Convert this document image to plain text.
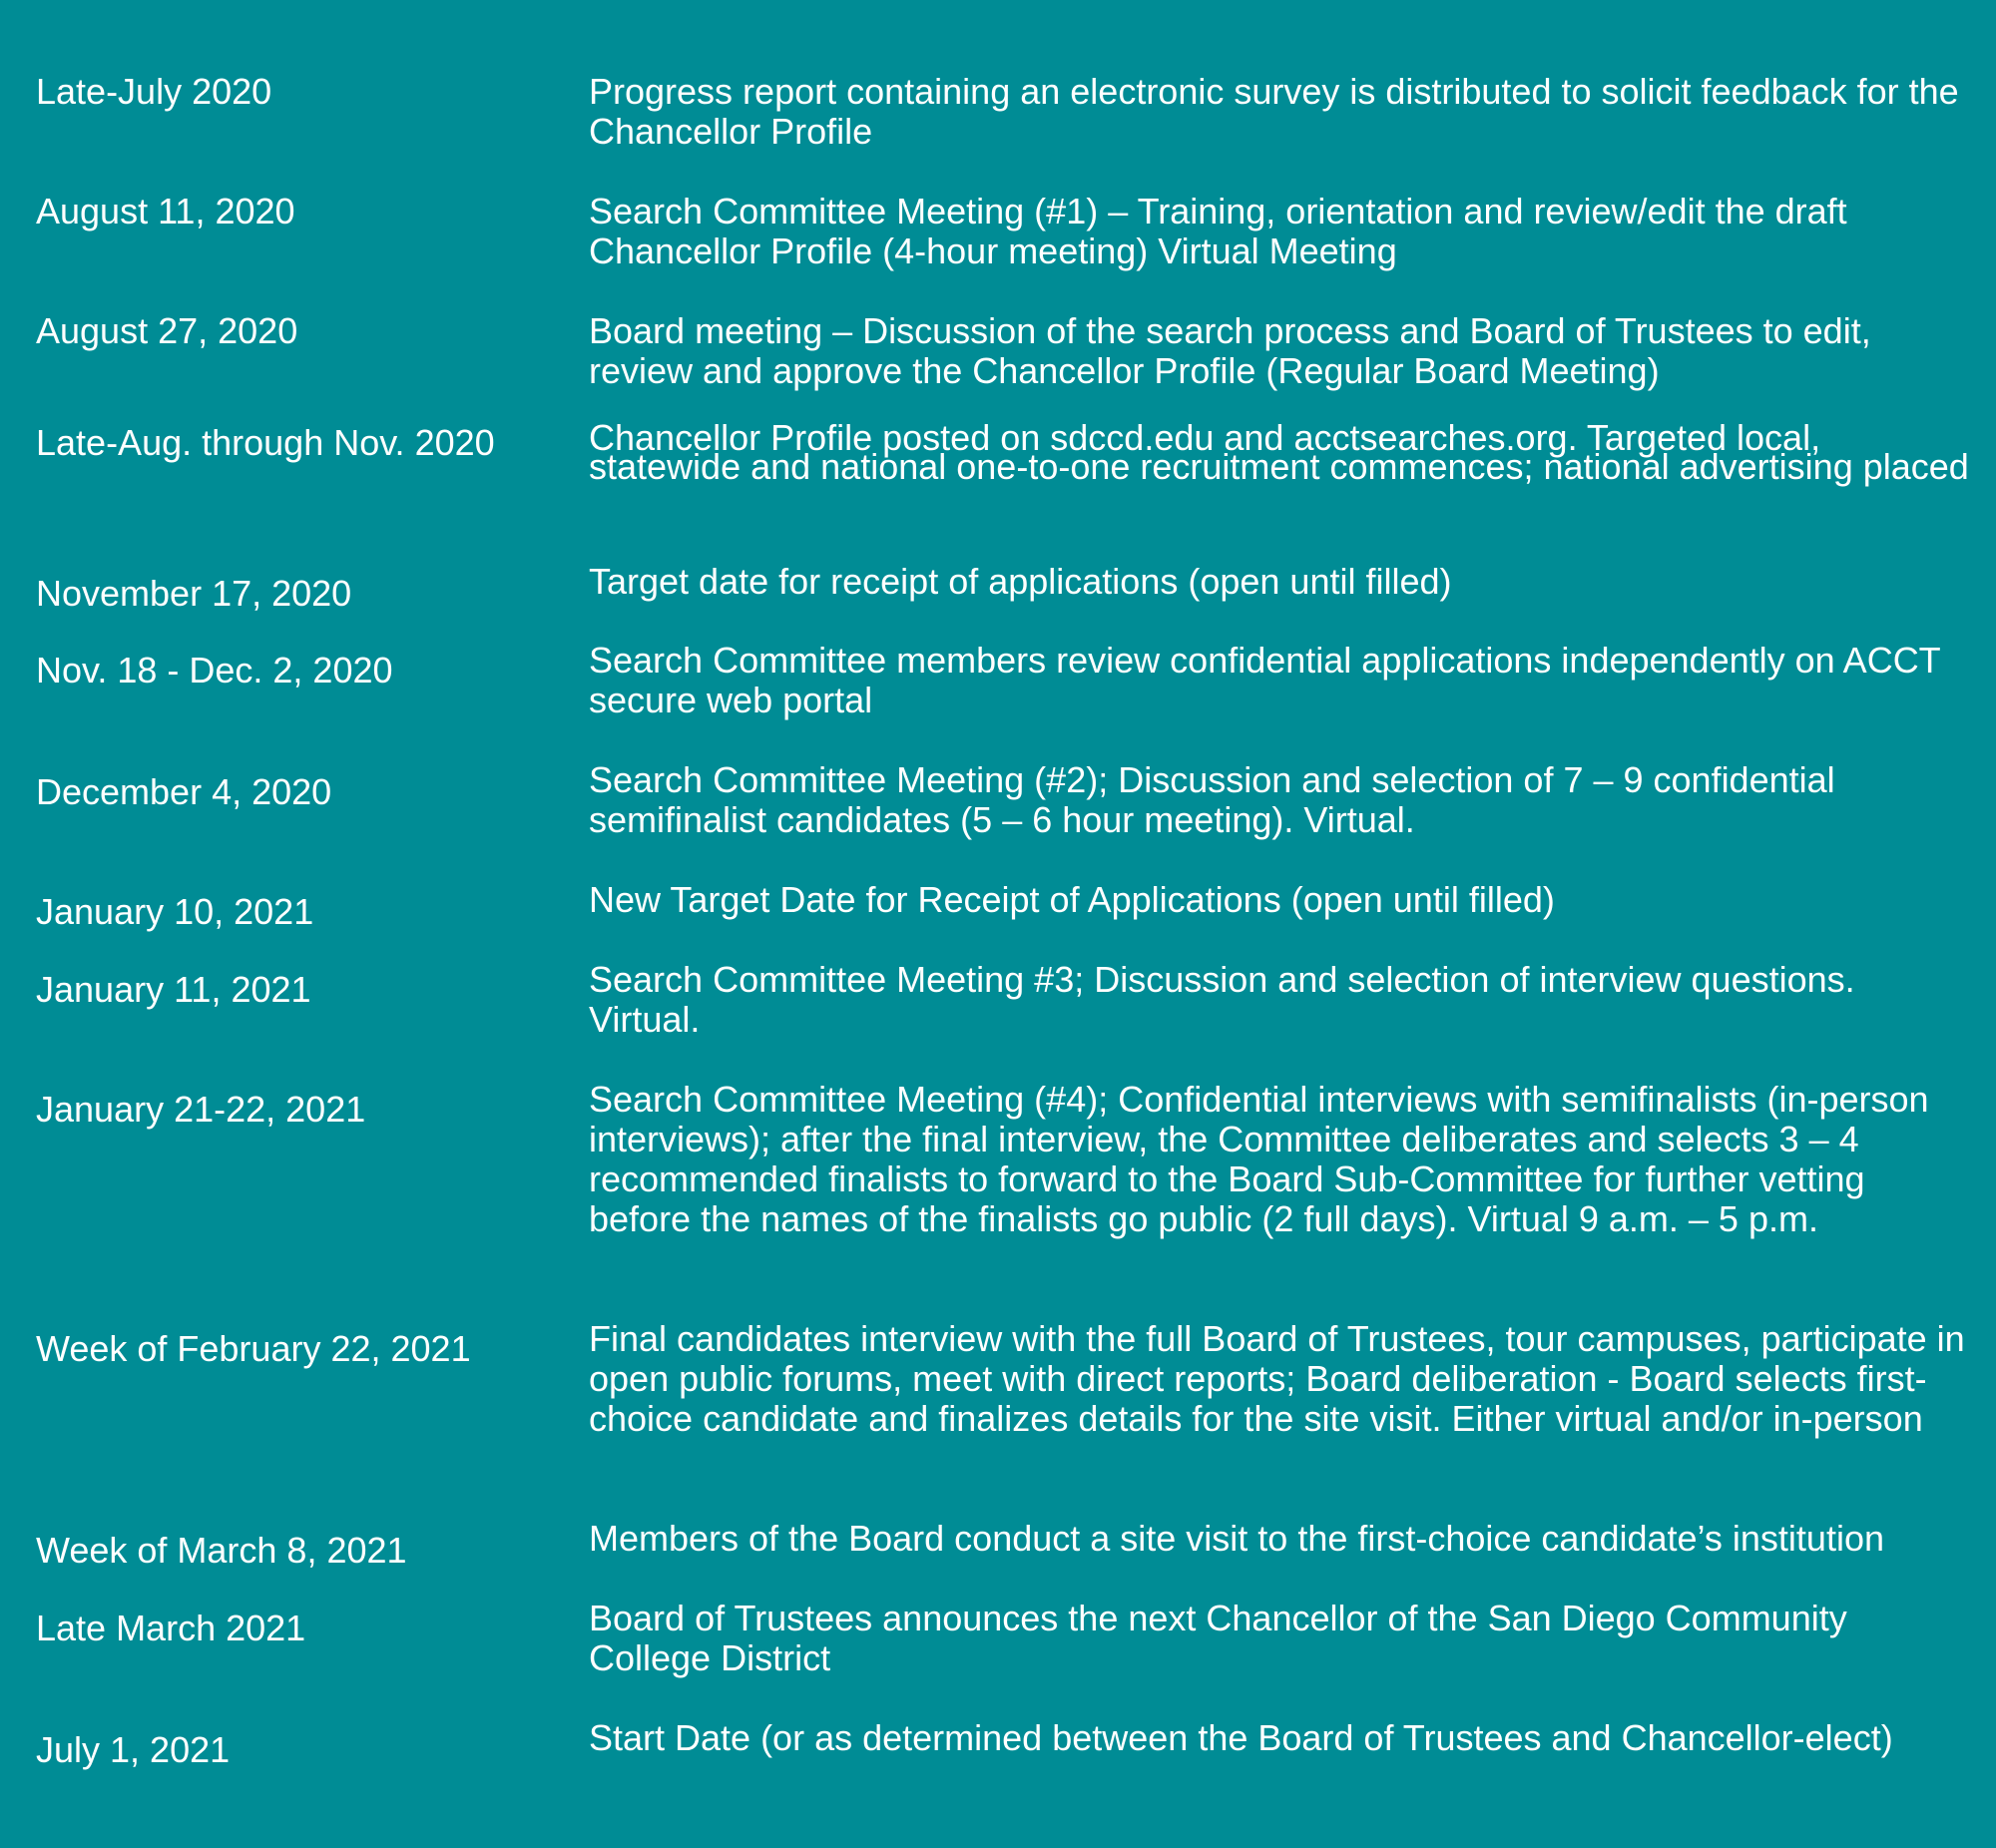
Late-July 2020	Progress report containing an electronic survey is distributed to solicit feedback for the Chancellor Profile
August 11, 2020	Search Committee Meeting (#1) – Training, orientation and review/edit the draft Chancellor Profile (4-hour meeting) Virtual Meeting
August 27, 2020	Board meeting – Discussion of the search process and Board of Trustees to edit, review and approve the Chancellor Profile (Regular Board Meeting)
Late-Aug. through Nov. 2020	Chancellor Profile posted on sdccd.edu and acctsearches.org. Targeted local, statewide and national one-to-one recruitment commences; national advertising placed
November 17, 2020	Target date for receipt of applications (open until filled)
Nov. 18 - Dec. 2, 2020	Search Committee members review confidential applications independently on ACCT secure web portal
December 4, 2020	Search Committee Meeting (#2); Discussion and selection of 7 – 9 confidential semifinalist candidates (5 – 6 hour meeting). Virtual.
January 10, 2021	New Target Date for Receipt of Applications (open until filled)
January 11, 2021	Search Committee Meeting #3; Discussion and selection of interview questions. Virtual.
January 21-22, 2021	Search Committee Meeting (#4); Confidential interviews with semifinalists (in-person interviews); after the final interview, the Committee deliberates and selects 3 – 4 recommended finalists to forward to the Board Sub-Committee for further vetting before the names of the finalists go public (2 full days). Virtual 9 a.m. – 5 p.m.
Week of February 22, 2021	Final candidates interview with the full Board of Trustees, tour campuses, participate in open public forums, meet with direct reports; Board deliberation - Board selects first-choice candidate and finalizes details for the site visit. Either virtual and/or in-person
Week of March 8, 2021	Members of the Board conduct a site visit to the first-choice candidate’s institution
Late March 2021	Board of Trustees announces the next Chancellor of the San Diego Community College District
July 1, 2021	Start Date (or as determined between the Board of Trustees and Chancellor-elect)
